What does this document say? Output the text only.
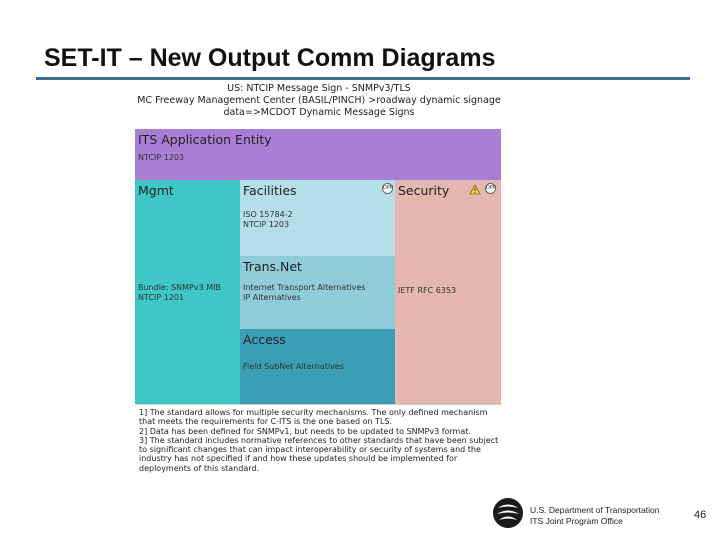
SET-IT – New Output Comm Diagrams
US: NTCIP Message Sign - SNMPv3/TLS
MC Freeway Management Center (BASIL/PINCH) >roadway dynamic signage
data=>MCDOT Dynamic Message Signs
ITS Application Entity
NTCIP 1203
Mgmt
Bundle: SNMPv3 MIB
NTCIP 1201
Facilities
ISO 15784-2
NTCIP 1203
DPP
Trans.Net
Internet Transport Alternatives
IP Alternatives
Access
Field SubNet Alternatives
Security
IETF RFC 6353
DPP
1] The standard allows for multiple security mechanisms. The only defined mechanism
that meets the requirements for C-ITS is the one based on TLS.
2] Data has been defined for SNMPv1, but needs to be updated to SNMPv3 format.
3] The standard includes normative references to other standards that have been subject
to significant changes that can impact interoperability or security of systems and the
industry has not specified if and how these updates should be implemented for
deployments of this standard.
U.S. Department of Transportation
ITS Joint Program Office	46
